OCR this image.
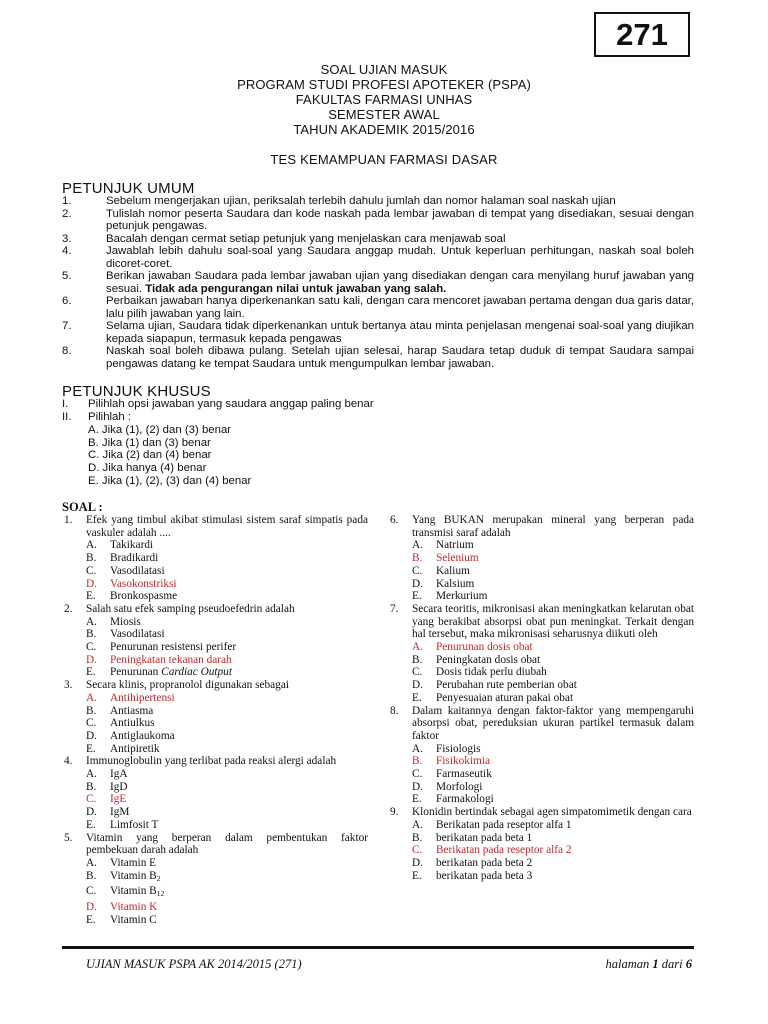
271
SOAL UJIAN MASUK
PROGRAM STUDI PROFESI APOTEKER (PSPA)
FAKULTAS FARMASI UNHAS
SEMESTER AWAL
TAHUN AKADEMIK 2015/2016
TES KEMAMPUAN FARMASI DASAR
PETUNJUK UMUM
1.	Sebelum mengerjakan ujian, periksalah terlebih dahulu jumlah dan nomor halaman soal naskah ujian
2.	Tulislah nomor peserta Saudara dan kode naskah pada lembar jawaban di tempat yang disediakan, sesuai dengan petunjuk pengawas.
3.	Bacalah dengan cermat setiap petunjuk yang menjelaskan cara menjawab soal
4.	Jawablah lebih dahulu soal-soal yang Saudara anggap mudah. Untuk keperluan perhitungan, naskah soal boleh dicoret-coret.
5.	Berikan jawaban Saudara pada lembar jawaban ujian yang disediakan dengan cara menyilang huruf jawaban yang sesuai. Tidak ada pengurangan nilai untuk jawaban yang salah.
6.	Perbaikan jawaban hanya diperkenankan satu kali, dengan cara mencoret jawaban pertama dengan dua garis datar, lalu pilih jawaban yang lain.
7.	Selama ujian, Saudara tidak diperkenankan untuk bertanya atau minta penjelasan mengenai soal-soal yang diujikan kepada siapapun, termasuk kepada pengawas
8.	Naskah soal boleh dibawa pulang. Setelah ujian selesai, harap Saudara tetap duduk di tempat Saudara sampai pengawas datang ke tempat Saudara untuk mengumpulkan lembar jawaban.
PETUNJUK KHUSUS
I. Pilihlah opsi jawaban yang saudara anggap paling benar
II. Pilihlah :
A. Jika (1), (2) dan (3) benar
B. Jika (1) dan (3) benar
C. Jika (2) dan (4) benar
D. Jika hanya (4) benar
E. Jika (1), (2), (3) dan (4) benar
SOAL :
1. Efek yang timbul akibat stimulasi sistem saraf simpatis pada vaskuler adalah ....
A. Takikardi
B. Bradikardi
C. Vasodilatasi
D. Vasokonstriksi
E. Bronkospasme
2. Salah satu efek samping pseudoefedrin adalah
A. Miosis
B. Vasodilatasi
C. Penurunan resistensi perifer
D. Peningkatan tekanan darah
E. Penurunan Cardiac Output
3. Secara klinis, propranolol digunakan sebagai
A. Antihipertensi
B. Antiasma
C. Antiulkus
D. Antiglaukoma
E. Antipiretik
4. Immunoglobulin yang terlibat pada reaksi alergi adalah
A. IgA
B. IgD
C. IgE
D. IgM
E. Limfosit T
5. Vitamin yang berperan dalam pembentukan faktor pembekuan darah adalah
A. Vitamin E
B. Vitamin $B_2$
C. Vitamin $B_{12}$
D. Vitamin K
E. Vitamin C
6. Yang BUKAN merupakan mineral yang berperan pada transmisi saraf adalah
A. Natrium
B. Selenium
C. Kalium
D. Kalsium
E. Merkurium
7. Secara teoritis, mikronisasi akan meningkatkan kelarutan obat yang berakibat absorpsi obat pun meningkat. Terkait dengan hal tersebut, maka mikronisasi seharusnya diikuti oleh
A. Penurunan dosis obat
B. Peningkatan dosis obat
C. Dosis tidak perlu diubah
D. Perubahan rute pemberian obat
E. Penyesuaian aturan pakai obat
8. Dalam kaitannya dengan faktor-faktor yang mempengaruhi absorpsi obat, pereduksian ukuran partikel termasuk dalam faktor
A. Fisiologis
B. Fisikokimia
C. Farmaseutik
D. Morfologi
E. Farmakologi
9. Klonidin bertindak sebagai agen simpatomimetik dengan cara
A. Berikatan pada reseptor alfa 1
B. berikatan pada beta 1
C. Berikatan pada reseptor alfa 2
D. berikatan pada beta 2
E. berikatan pada beta 3
UJIAN MASUK PSPA AK 2014/2015 (271)	halaman 1 dari 6
